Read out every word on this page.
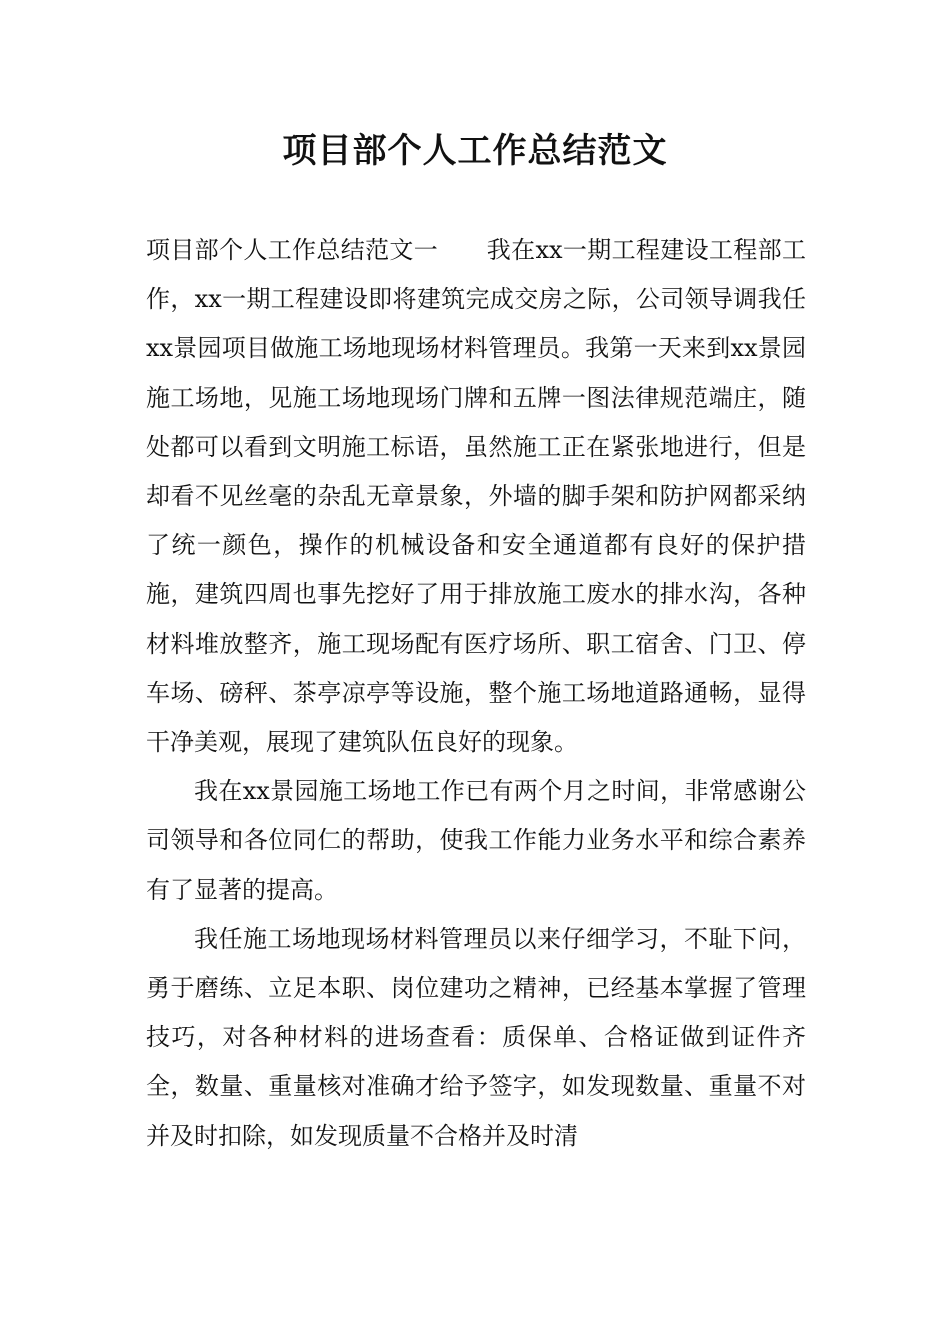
项目部个人工作总结范文

项目部个人工作总结范文一　　我在xx一期工程建设工程部工作，xx一期工程建设即将建筑完成交房之际，公司领导调我任xx景园项目做施工场地现场材料管理员。我第一天来到xx景园施工场地，见施工场地现场门牌和五牌一图法律规范端庄，随处都可以看到文明施工标语，虽然施工正在紧张地进行，但是却看不见丝毫的杂乱无章景象，外墙的脚手架和防护网都采纳了统一颜色，操作的机械设备和安全通道都有良好的保护措施，建筑四周也事先挖好了用于排放施工废水的排水沟，各种材料堆放整齐，施工现场配有医疗场所、职工宿舍、门卫、停车场、磅秤、茶亭凉亭等设施，整个施工场地道路通畅，显得干净美观，展现了建筑队伍良好的现象。

我在xx景园施工场地工作已有两个月之时间，非常感谢公司领导和各位同仁的帮助，使我工作能力业务水平和综合素养有了显著的提高。

我任施工场地现场材料管理员以来仔细学习，不耻下问，勇于磨练、立足本职、岗位建功之精神，已经基本掌握了管理技巧，对各种材料的进场查看：质保单、合格证做到证件齐全，数量、重量核对准确才给予签字，如发现数量、重量不对并及时扣除，如发现质量不合格并及时清
